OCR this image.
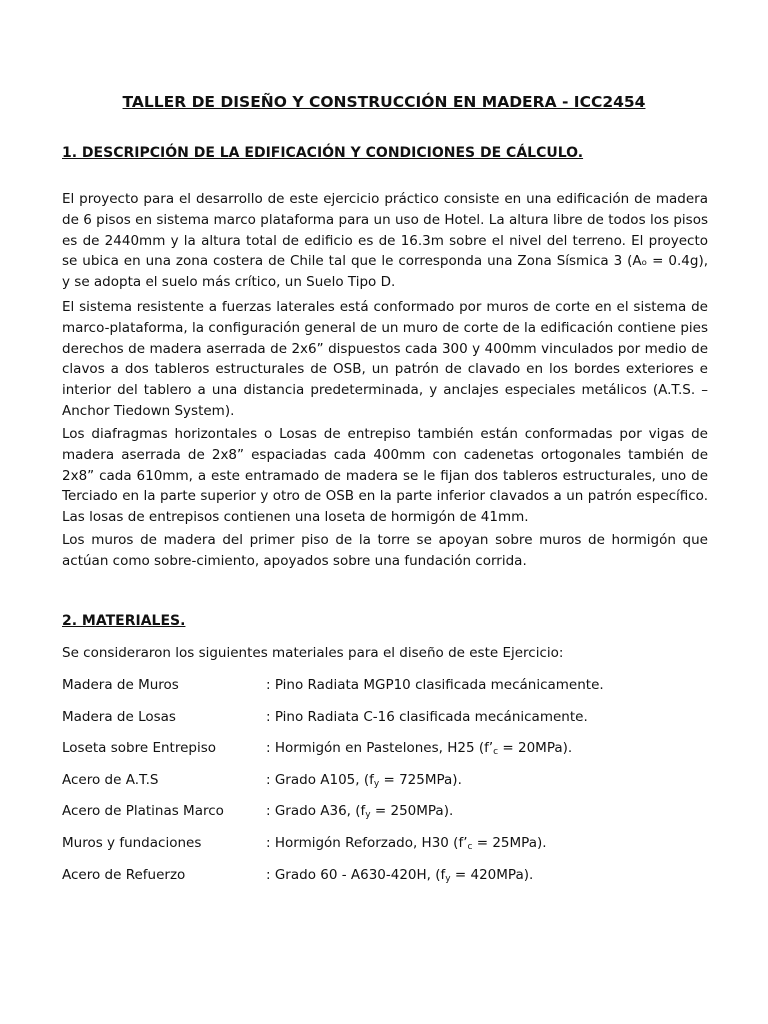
TALLER DE DISEÑO Y CONSTRUCCIÓN EN MADERA - ICC2454
1. DESCRIPCIÓN DE LA EDIFICACIÓN Y CONDICIONES DE CÁLCULO.

El proyecto para el desarrollo de este ejercicio práctico consiste en una edificación de madera de 6 pisos en sistema marco plataforma para un uso de Hotel. La altura libre de todos los pisos es de 2440mm y la altura total de edificio es de 16.3m sobre el nivel del terreno. El proyecto se ubica en una zona costera de Chile tal que le corresponda una Zona Sísmica 3 (Aₒ = 0.4g), y se adopta el suelo más crítico, un Suelo Tipo D.

El sistema resistente a fuerzas laterales está conformado por muros de corte en el sistema de marco-plataforma, la configuración general de un muro de corte de la edificación contiene pies derechos de madera aserrada de 2x6” dispuestos cada 300 y 400mm vinculados por medio de clavos a dos tableros estructurales de OSB, un patrón de clavado en los bordes exteriores e interior del tablero a una distancia predeterminada, y anclajes especiales metálicos (A.T.S. – Anchor Tiedown System).

Los diafragmas horizontales o Losas de entrepiso también están conformadas por vigas de madera aserrada de 2x8” espaciadas cada 400mm con cadenetas ortogonales también de 2x8” cada 610mm, a este entramado de madera se le fijan dos tableros estructurales, uno de Terciado en la parte superior y otro de OSB en la parte inferior clavados a un patrón específico. Las losas de entrepisos contienen una loseta de hormigón de 41mm.

Los muros de madera del primer piso de la torre se apoyan sobre muros de hormigón que actúan como sobre-cimiento, apoyados sobre una fundación corrida.

2. MATERIALES.
Se consideraron los siguientes materiales para el diseño de este Ejercicio:
Madera de Muros	: Pino Radiata MGP10 clasificada mecánicamente.
Madera de Losas	: Pino Radiata C-16 clasificada mecánicamente.
Loseta sobre Entrepiso	: Hormigón en Pastelones, H25 $(f’_c = 20MPa)$.
Acero de A.T.S	: Grado A105, $(f_y = 725MPa)$.
Acero de Platinas Marco	: Grado A36, $(f_y = 250MPa)$.
Muros y fundaciones	: Hormigón Reforzado, H30 $(f’_c = 25MPa)$.
Acero de Refuerzo	: Grado 60 - A630-420H, $(f_y = 420MPa)$.
